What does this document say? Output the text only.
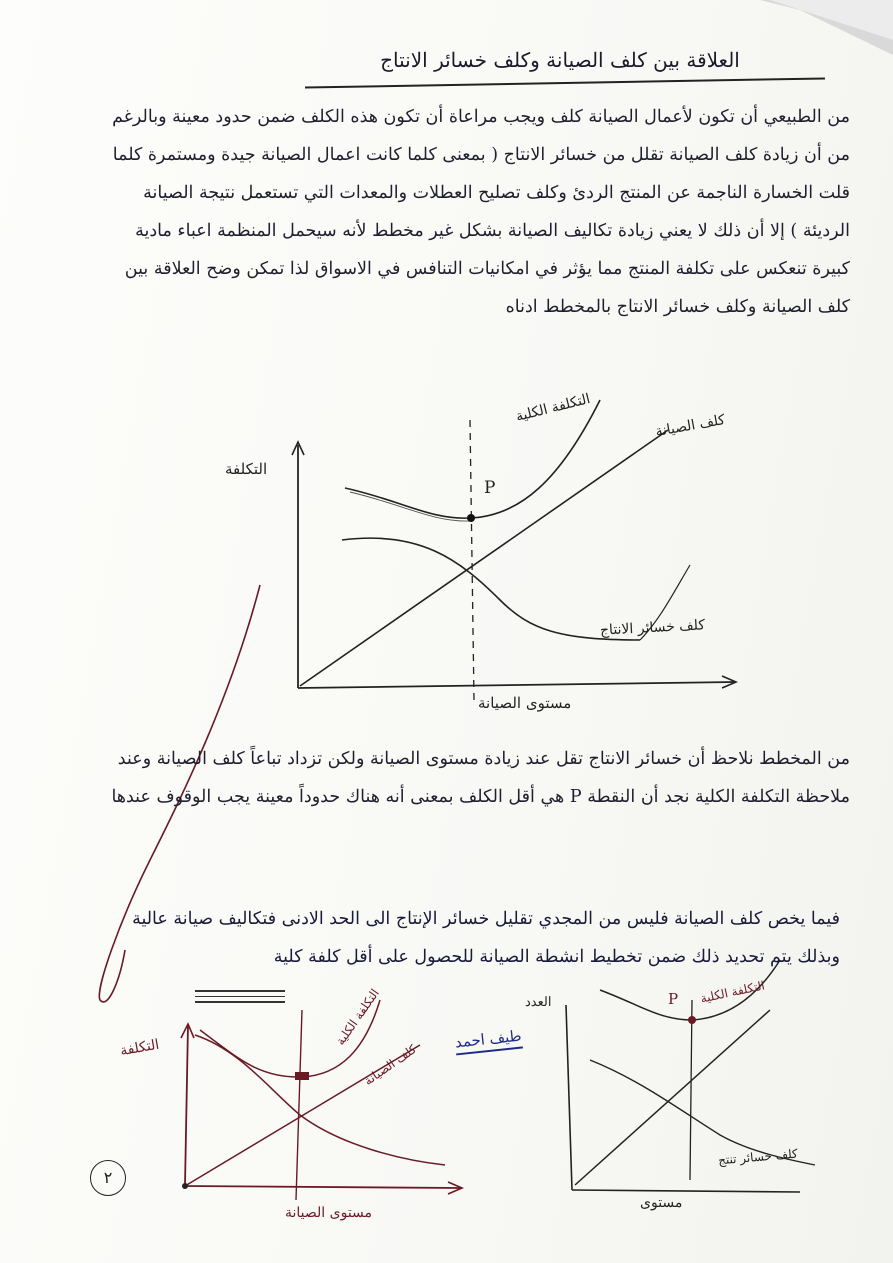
العلاقة بين كلف الصيانة وكلف خسائر الانتاج
من الطبيعي أن تكون لأعمال الصيانة كلف ويجب مراعاة أن تكون هذه الكلف ضمن حدود معينة وبالرغم من أن زيادة كلف الصيانة تقلل من خسائر الانتاج ( بمعنى كلما كانت اعمال الصيانة جيدة ومستمرة كلما قلت الخسارة الناجمة عن المنتج الردئ وكلف تصليح العطلات والمعدات التي تستعمل نتيجة الصيانة الرديئة ) إلا أن ذلك لا يعني زيادة تكاليف الصيانة بشكل غير مخطط لأنه سيحمل المنظمة اعباء مادية كبيرة تنعكس على تكلفة المنتج مما يؤثر في امكانيات التنافس في الاسواق لذا تمكن وضح العلاقة بين كلف الصيانة وكلف خسائر الانتاج بالمخطط ادناه
التكلفة
مستوى الصيانة
التكلفة الكلية
كلف الصيانة
كلف خسائر الانتاج
P
من المخطط نلاحظ أن خسائر الانتاج تقل عند زيادة مستوى الصيانة ولكن تزداد تباعاً كلف الصيانة وعند ملاحظة التكلفة الكلية نجد أن النقطة P هي أقل الكلف بمعنى أنه هناك حدوداً معينة يجب الوقوف عندها
فيما يخص كلف الصيانة فليس من المجدي تقليل خسائر الإنتاج الى الحد الادنى فتكاليف صيانة عالية وبذلك يتم تحديد ذلك ضمن تخطيط انشطة الصيانة للحصول على أقل كلفة كلية
التكلفة
مستوى الصيانة
التكلفة الكلية
كلف الصيانة
طيف احمد
العدد	التكلفة الكلية
P
كلف خسائر تنتج
مستوى
٢
